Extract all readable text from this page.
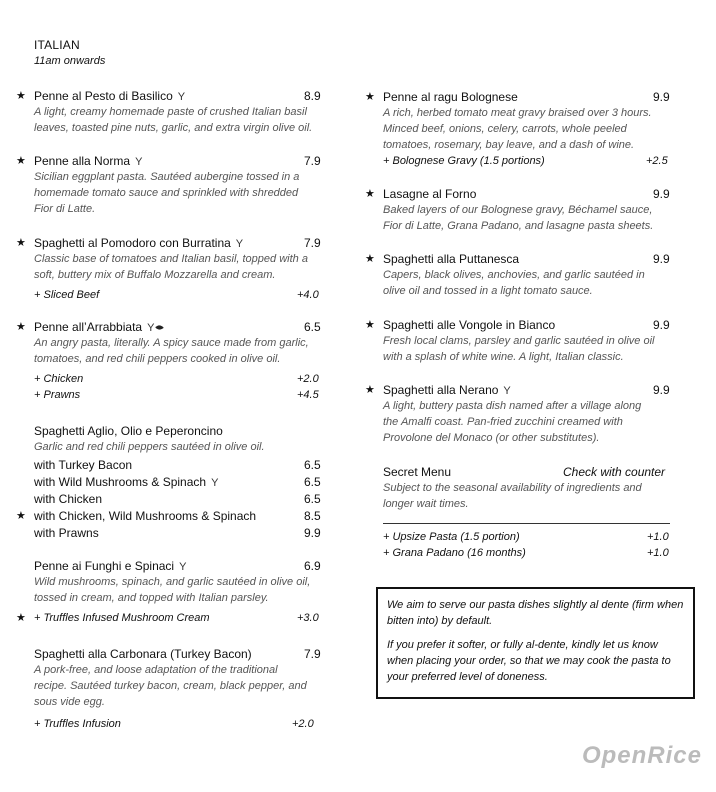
ITALIAN
11am onwards
★ Penne al Pesto di Basilico Y	8.9
A light, creamy homemade paste of crushed Italian basil
leaves, toasted pine nuts, garlic, and extra virgin olive oil.
★ Penne alla Norma Y	7.9
Sicilian eggplant pasta. Sautéed aubergine tossed in a
homemade tomato sauce and sprinkled with shredded
Fior di Latte.
★ Spaghetti al Pomodoro con Burratina Y	7.9
Classic base of tomatoes and Italian basil, topped with a
soft, buttery mix of Buffalo Mozzarella and cream.
+ Sliced Beef	+4.0
★ Penne all’Arrabbiata Y	6.5
An angry pasta, literally. A spicy sauce made from garlic,
tomatoes, and red chili peppers cooked in olive oil.
+ Chicken	+2.0
+ Prawns	+4.5
Spaghetti Aglio, Olio e Peperoncino
Garlic and red chili peppers sautéed in olive oil.
with Turkey Bacon	6.5
with Wild Mushrooms & Spinach Y	6.5
with Chicken	6.5
★ with Chicken, Wild Mushrooms & Spinach	8.5
with Prawns	9.9
Penne ai Funghi e Spinaci Y	6.9
Wild mushrooms, spinach, and garlic sautéed in olive oil,
tossed in cream, and topped with Italian parsley.
★ + Truffles Infused Mushroom Cream	+3.0
Spaghetti alla Carbonara (Turkey Bacon)	7.9
A pork-free, and loose adaptation of the traditional
recipe. Sautéed turkey bacon, cream, black pepper, and
sous vide egg.
+ Truffles Infusion	+2.0
★ Penne al ragu Bolognese	9.9
A rich, herbed tomato meat gravy braised over 3 hours.
Minced beef, onions, celery, carrots, whole peeled
tomatoes, rosemary, bay leave, and a dash of wine.
+ Bolognese Gravy (1.5 portions)	+2.5
★ Lasagne al Forno	9.9
Baked layers of our Bolognese gravy, Béchamel sauce,
Fior di Latte, Grana Padano, and lasagne pasta sheets.
★ Spaghetti alla Puttanesca	9.9
Capers, black olives, anchovies, and garlic sautéed in
olive oil and tossed in a light tomato sauce.
★ Spaghetti alle Vongole in Bianco	9.9
Fresh local clams, parsley and garlic sautéed in olive oil
with a splash of white wine. A light, Italian classic.
★ Spaghetti alla Nerano Y	9.9
A light, buttery pasta dish named after a village along
the Amalfi coast. Pan-fried zucchini creamed with
Provolone del Monaco (or other substitutes).
Secret Menu	Check with counter
Subject to the seasonal availability of ingredients and
longer wait times.
+ Upsize Pasta (1.5 portion)	+1.0
+ Grana Padano (16 months)	+1.0

We aim to serve our pasta dishes slightly al dente (firm when bitten into) by default.

If you prefer it softer, or fully al-dente, kindly let us know when placing your order, so that we may cook the pasta to your preferred level of doneness.

OpenRice
